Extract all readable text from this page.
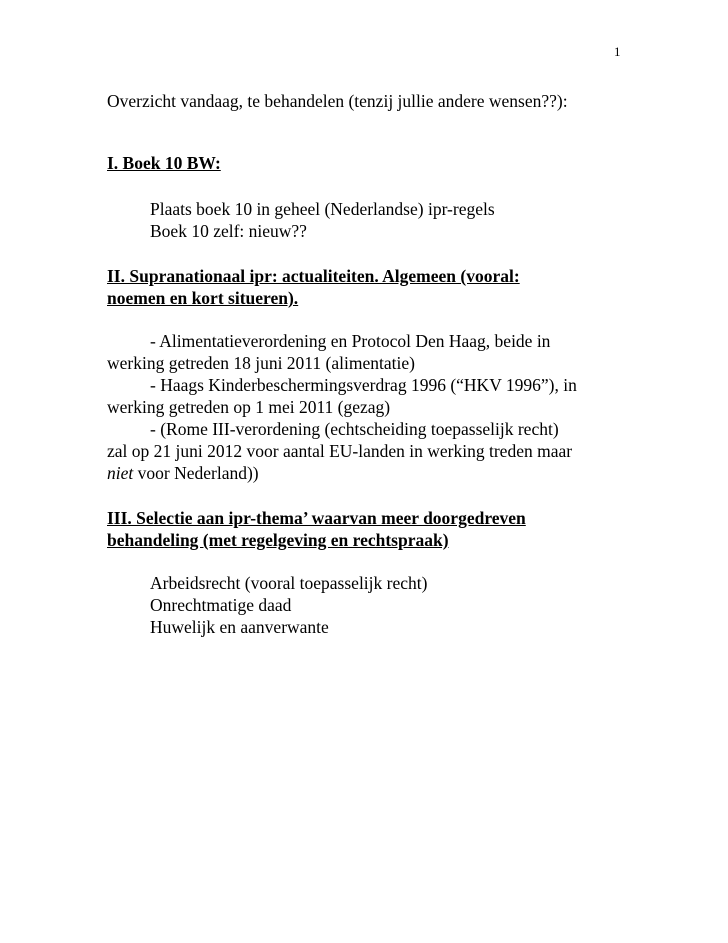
1
Overzicht vandaag, te behandelen (tenzij jullie andere wensen??):
I. Boek 10 BW:
Plaats boek 10 in geheel (Nederlandse) ipr-regels
Boek 10 zelf: nieuw??
II. Supranationaal ipr: actualiteiten. Algemeen (vooral:
noemen en kort situeren).
- Alimentatieverordening en Protocol Den Haag, beide in
werking getreden 18 juni 2011 (alimentatie)
- Haags Kinderbeschermingsverdrag 1996 (“HKV 1996”), in
werking getreden op 1 mei 2011 (gezag)
- (Rome III-verordening (echtscheiding toepasselijk recht)
zal op 21 juni 2012 voor aantal EU-landen in werking treden maar
niet voor Nederland))
III. Selectie aan ipr-thema’ waarvan meer doorgedreven
behandeling (met regelgeving en rechtspraak)
Arbeidsrecht (vooral toepasselijk recht)
Onrechtmatige daad
Huwelijk en aanverwante
